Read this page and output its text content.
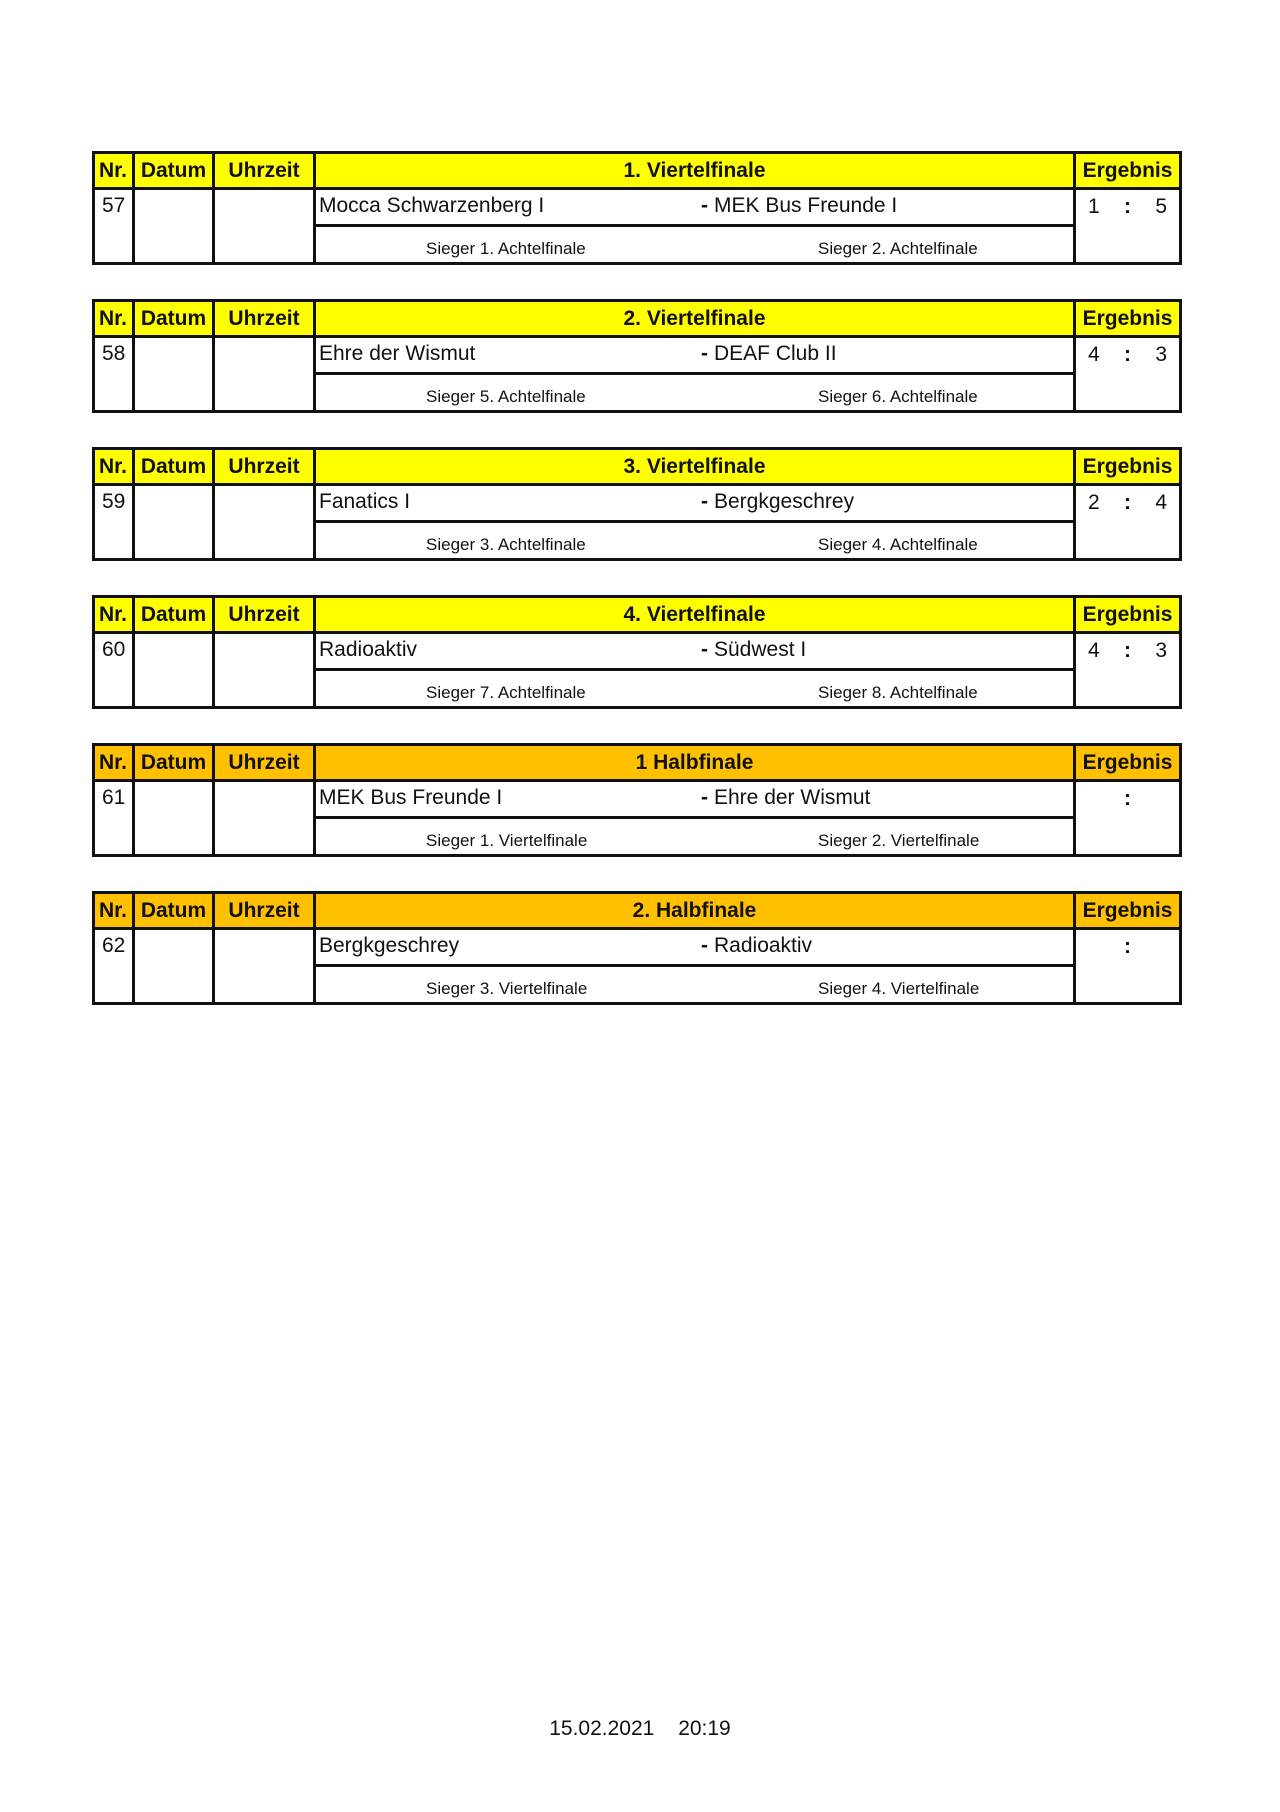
Nr.	Datum	Uhrzeit	1. Viertelfinale	Ergebnis
57			Mocca Schwarzenberg I - MEK Bus Freunde I	1 : 5

			Sieger 1. Achtelfinale Sieger 2. Achtelfinale	
Nr.	Datum	Uhrzeit	2. Viertelfinale	Ergebnis
58			Ehre der Wismut - DEAF Club II	4 : 3

			Sieger 5. Achtelfinale Sieger 6. Achtelfinale	
Nr.	Datum	Uhrzeit	3. Viertelfinale	Ergebnis
59			Fanatics I - Bergkgeschrey	2 : 4

			Sieger 3. Achtelfinale Sieger 4. Achtelfinale	
Nr.	Datum	Uhrzeit	4. Viertelfinale	Ergebnis
60			Radioaktiv - Südwest I	4 : 3

			Sieger 7. Achtelfinale Sieger 8. Achtelfinale	
Nr.	Datum	Uhrzeit	1 Halbfinale	Ergebnis
61			MEK Bus Freunde I - Ehre der Wismut	:

			Sieger 1. Viertelfinale Sieger 2. Viertelfinale	
Nr.	Datum	Uhrzeit	2. Halbfinale	Ergebnis
62			Bergkgeschrey - Radioaktiv	:

			Sieger 3. Viertelfinale Sieger 4. Viertelfinale	
15.02.2021 20:19
